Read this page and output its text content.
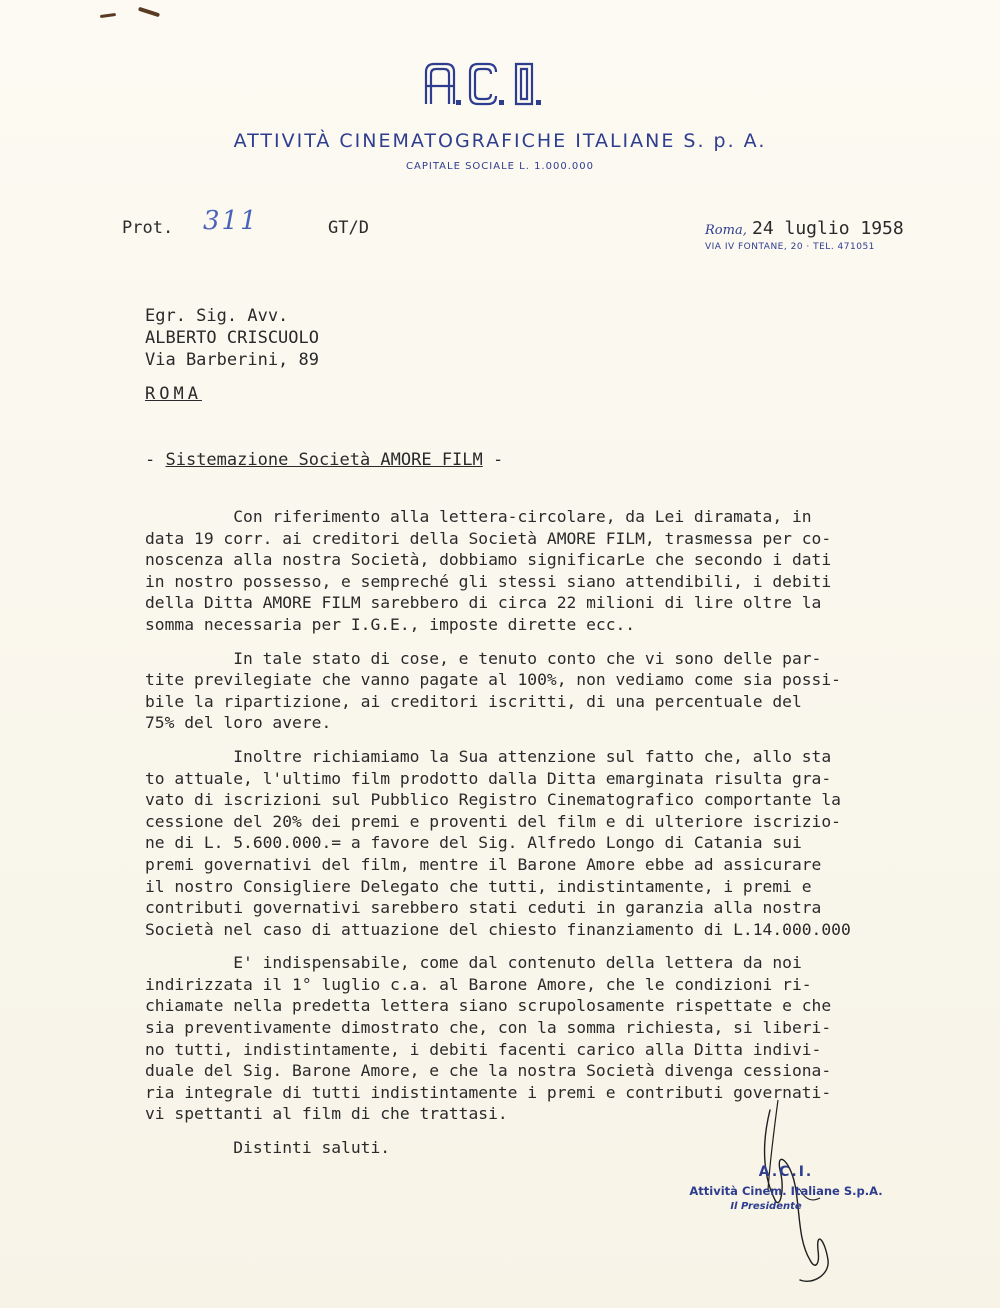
ATTIVITÀ CINEMATOGRAFICHE ITALIANE S. p. A.
CAPITALE SOCIALE L. 1.000.000
Prot. 311	GT/D	Roma, 24 luglio 1958
VIA IV FONTANE, 20 · TEL. 471051
Egr. Sig. Avv.
ALBERTO CRISCUOLO
Via Barberini, 89
ROMA
- Sistemazione Società AMORE FILM -

Con riferimento alla lettera-circolare, da Lei diramata, in
data 19 corr. ai creditori della Società AMORE FILM, trasmessa per co-
noscenza alla nostra Società, dobbiamo significarLe che secondo i dati
in nostro possesso, e sempreché gli stessi siano attendibili, i debiti
della Ditta AMORE FILM sarebbero di circa 22 milioni di lire oltre la
somma necessaria per I.G.E., imposte dirette ecc..

In tale stato di cose, e tenuto conto che vi sono delle par-
tite previlegiate che vanno pagate al 100%, non vediamo come sia possi-
bile la ripartizione, ai creditori iscritti, di una percentuale del
75% del loro avere.

Inoltre richiamiamo la Sua attenzione sul fatto che, allo sta
to attuale, l'ultimo film prodotto dalla Ditta emarginata risulta gra-
vato di iscrizioni sul Pubblico Registro Cinematografico comportante la
cessione del 20% dei premi e proventi del film e di ulteriore iscrizio-
ne di L. 5.600.000.= a favore del Sig. Alfredo Longo di Catania sui
premi governativi del film, mentre il Barone Amore ebbe ad assicurare
il nostro Consigliere Delegato che tutti, indistintamente, i premi e
contributi governativi sarebbero stati ceduti in garanzia alla nostra
Società nel caso di attuazione del chiesto finanziamento di L.14.000.000

E' indispensabile, come dal contenuto della lettera da noi
indirizzata il 1° luglio c.a. al Barone Amore, che le condizioni ri-
chiamate nella predetta lettera siano scrupolosamente rispettate e che
sia preventivamente dimostrato che, con la somma richiesta, si liberi-
no tutti, indistintamente, i debiti facenti carico alla Ditta indivi-
duale del Sig. Barone Amore, e che la nostra Società divenga cessiona-
ria integrale di tutti indistintamente i premi e contributi governati-
vi spettanti al film di che trattasi.

Distinti saluti.

A.C.I.
Attività Cinem. Italiane S.p.A.
Il Presidente
